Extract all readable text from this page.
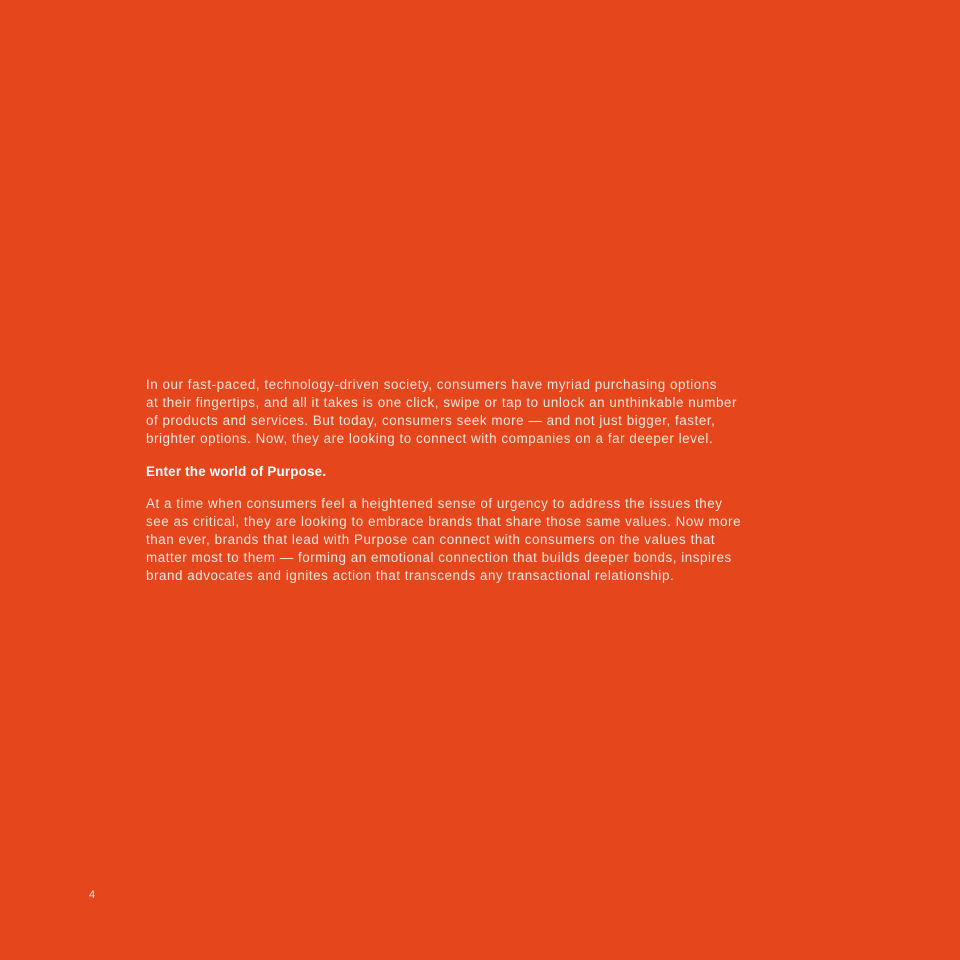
In our fast-paced, technology-driven society, consumers have myriad purchasing options
at their fingertips, and all it takes is one click, swipe or tap to unlock an unthinkable number
of products and services. But today, consumers seek more — and not just bigger, faster,
brighter options. Now, they are looking to connect with companies on a far deeper level.

Enter the world of Purpose.

At a time when consumers feel a heightened sense of urgency to address the issues they
see as critical, they are looking to embrace brands that share those same values. Now more
than ever, brands that lead with Purpose can connect with consumers on the values that
matter most to them — forming an emotional connection that builds deeper bonds, inspires
brand advocates and ignites action that transcends any transactional relationship.

4
